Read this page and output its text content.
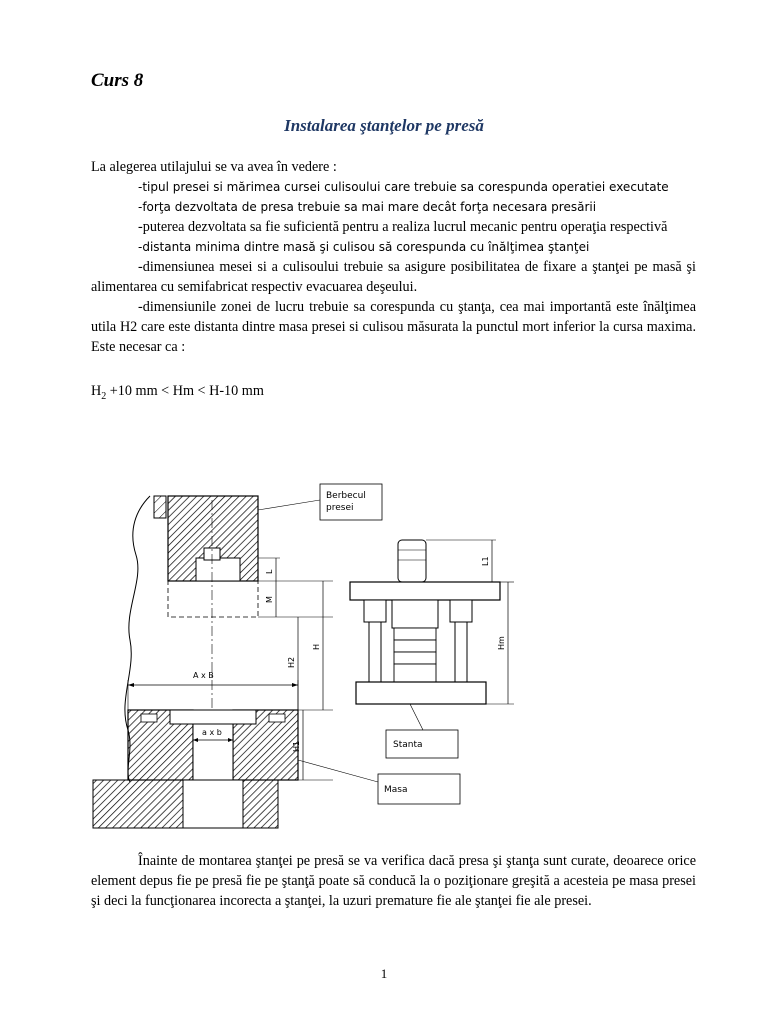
Curs 8
Instalarea ştanţelor pe presă

La alegerea utilajului se va avea în vedere :

-tipul presei si mărimea cursei culisoului care trebuie sa corespunda operatiei executate

-forţa dezvoltata de presa trebuie sa mai mare decât forţa necesara presării

-puterea dezvoltata sa fie suficientă pentru a realiza lucrul mecanic pentru operaţia respectivă

-distanta minima dintre masă şi culisou să corespunda cu înălţimea ştanţei

-dimensiunea mesei si a culisoului trebuie sa asigure posibilitatea de fixare a ştanţei pe masă şi alimentarea cu semifabricat respectiv evacuarea deşeului.

-dimensiunile zonei de lucru trebuie sa corespunda cu ştanţa, cea mai importantă este înălţimea utila H2 care este distanta dintre masa presei si culisou măsurata la punctul mort inferior la cursa maxima. Este necesar ca :

$H_2 +10$ mm < Hm < H-10 mm
A x B
a x b
L
M
H2
H
H1
Berbecul presei
L1
Hm
Stanta
Masa

Înainte de montarea ştanţei pe presă se va verifica dacă presa şi ştanţa sunt curate, deoarece orice element depus fie pe presă fie pe ştanţă poate să conducă la o poziţionare greşită a acesteia pe masa presei şi deci la funcţionarea incorecta a ştanţei, la uzuri premature fie ale ştanţei fie ale presei.

1
